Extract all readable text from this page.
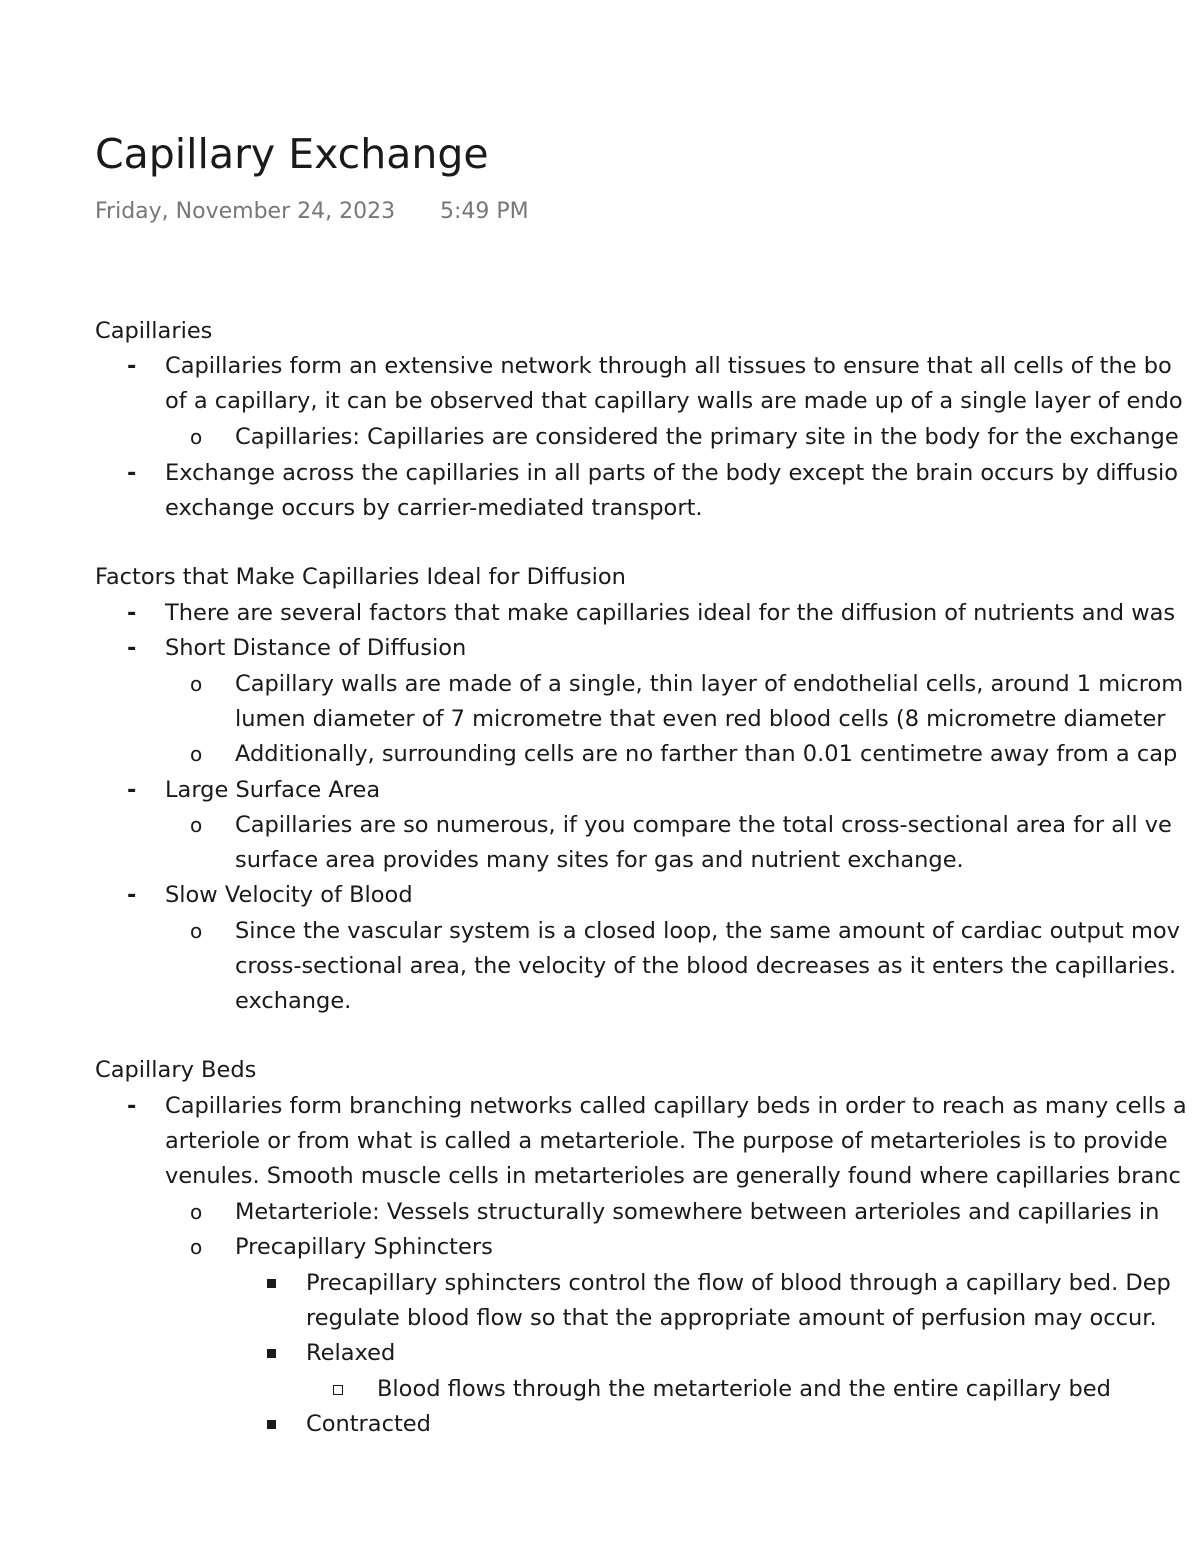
Capillary Exchange
Friday, November 24, 2023 5:49 PM
Capillaries
- Capillaries form an extensive network through all tissues to ensure that all cells of the bo
of a capillary, it can be observed that capillary walls are made up of a single layer of endo
o Capillaries: Capillaries are considered the primary site in the body for the exchange
- Exchange across the capillaries in all parts of the body except the brain occurs by diffusio
exchange occurs by carrier-mediated transport.
Factors that Make Capillaries Ideal for Diffusion
- There are several factors that make capillaries ideal for the diffusion of nutrients and was
- Short Distance of Diffusion
o Capillary walls are made of a single, thin layer of endothelial cells, around 1 microm
lumen diameter of 7 micrometre that even red blood cells (8 micrometre diameter
o Additionally, surrounding cells are no farther than 0.01 centimetre away from a cap
- Large Surface Area
o Capillaries are so numerous, if you compare the total cross-sectional area for all ve
surface area provides many sites for gas and nutrient exchange.
- Slow Velocity of Blood
o Since the vascular system is a closed loop, the same amount of cardiac output mov
cross-sectional area, the velocity of the blood decreases as it enters the capillaries.
exchange.
Capillary Beds
- Capillaries form branching networks called capillary beds in order to reach as many cells a
arteriole or from what is called a metarteriole. The purpose of metarterioles is to provide
venules. Smooth muscle cells in metarterioles are generally found where capillaries branc
o Metarteriole: Vessels structurally somewhere between arterioles and capillaries in
o Precapillary Sphincters
Precapillary sphincters control the flow of blood through a capillary bed. Dep
regulate blood flow so that the appropriate amount of perfusion may occur.
Relaxed
Blood flows through the metarteriole and the entire capillary bed
Contracted
